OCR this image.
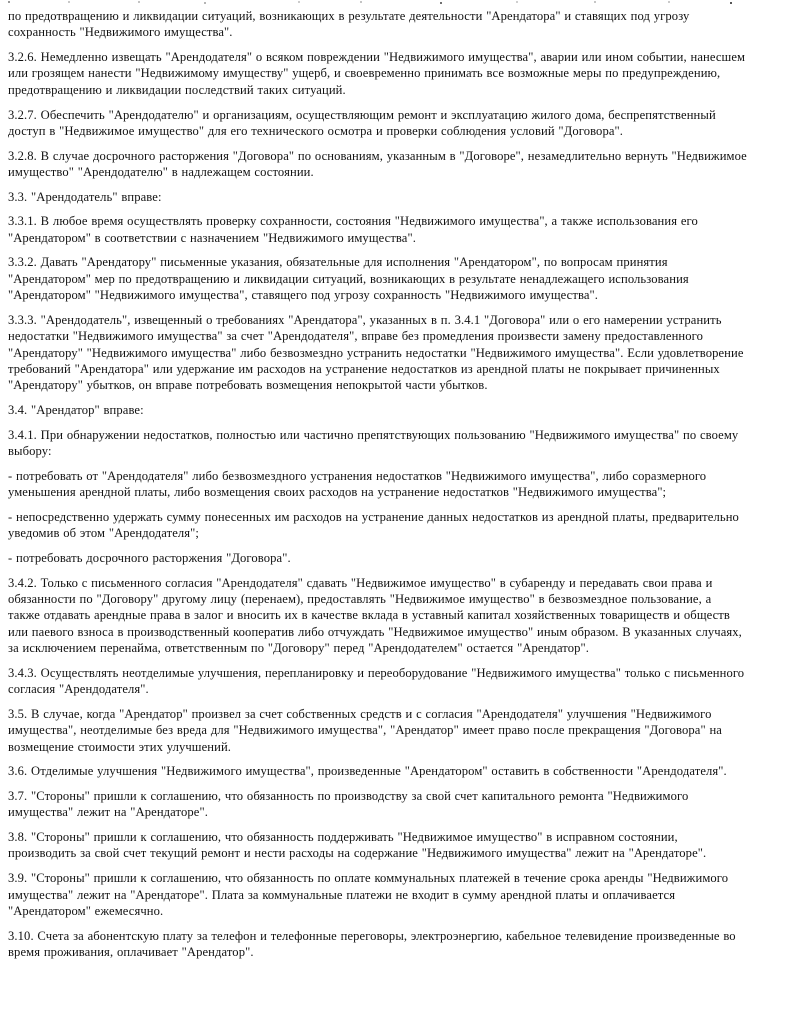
по предотвращению и ликвидации ситуаций, возникающих в результате деятельности "Арендатора" и ставящих под угрозу сохранность "Недвижимого имущества".

3.2.6. Немедленно извещать "Арендодателя" о всяком повреждении "Недвижимого имущества", аварии или ином событии, нанесшем или грозящем нанести "Недвижимому имуществу" ущерб, и своевременно принимать все возможные меры по предупреждению, предотвращению и ликвидации последствий таких ситуаций.

3.2.7. Обеспечить "Арендодателю" и организациям, осуществляющим ремонт и эксплуатацию жилого дома, беспрепятственный доступ в "Недвижимое имущество" для его технического осмотра и проверки соблюдения условий "Договора".

3.2.8. В случае досрочного расторжения "Договора" по основаниям, указанным в "Договоре", незамедлительно вернуть "Недвижимое имущество" "Арендодателю" в надлежащем состоянии.

3.3. "Арендодатель" вправе:

3.3.1. В любое время осуществлять проверку сохранности, состояния "Недвижимого имущества", а также использования его "Арендатором" в соответствии с назначением "Недвижимого имущества".

3.3.2. Давать "Арендатору" письменные указания, обязательные для исполнения "Арендатором", по вопросам принятия "Арендатором" мер по предотвращению и ликвидации ситуаций, возникающих в результате ненадлежащего использования "Арендатором" "Недвижимого имущества", ставящего под угрозу сохранность "Недвижимого имущества".

3.3.3. "Арендодатель", извещенный о требованиях "Арендатора", указанных в п. 3.4.1 "Договора" или о его намерении устранить недостатки "Недвижимого имущества" за счет "Арендодателя", вправе без промедления произвести замену предоставленного "Арендатору" "Недвижимого имущества" либо безвозмездно устранить недостатки "Недвижимого имущества". Если удовлетворение требований "Арендатора" или удержание им расходов на устранение недостатков из арендной платы не покрывает причиненных "Арендатору" убытков, он вправе потребовать возмещения непокрытой части убытков.

3.4. "Арендатор" вправе:

3.4.1. При обнаружении недостатков, полностью или частично препятствующих пользованию "Недвижимого имущества" по своему выбору:

- потребовать от "Арендодателя" либо безвозмездного устранения недостатков "Недвижимого имущества", либо соразмерного уменьшения арендной платы, либо возмещения своих расходов на устранение недостатков "Недвижимого имущества";

- непосредственно удержать сумму понесенных им расходов на устранение данных недостатков из арендной платы, предварительно уведомив об этом "Арендодателя";

- потребовать досрочного расторжения "Договора".

3.4.2. Только с письменного согласия "Арендодателя" сдавать "Недвижимое имущество" в субаренду и передавать свои права и обязанности по "Договору" другому лицу (перенаем), предоставлять "Недвижимое имущество" в безвозмездное пользование, а также отдавать арендные права в залог и вносить их в качестве вклада в уставный капитал хозяйственных товариществ и обществ или паевого взноса в производственный кооператив либо отчуждать "Недвижимое имущество" иным образом. В указанных случаях, за исключением перенайма, ответственным по "Договору" перед "Арендодателем" остается "Арендатор".

3.4.3. Осуществлять неотделимые улучшения, перепланировку и переоборудование "Недвижимого имущества" только с письменного согласия "Арендодателя".

3.5. В случае, когда "Арендатор" произвел за счет собственных средств и с согласия "Арендодателя" улучшения "Недвижимого имущества", неотделимые без вреда для "Недвижимого имущества", "Арендатор" имеет право после прекращения "Договора" на возмещение стоимости этих улучшений.

3.6. Отделимые улучшения "Недвижимого имущества", произведенные "Арендатором" оставить в собственности "Арендодателя".

3.7. "Стороны" пришли к соглашению, что обязанность по производству за свой счет капитального ремонта "Недвижимого имущества" лежит на "Арендаторе".

3.8. "Стороны" пришли к соглашению, что обязанность поддерживать "Недвижимое имущество" в исправном состоянии, производить за свой счет текущий ремонт и нести расходы на содержание "Недвижимого имущества" лежит на "Арендаторе".

3.9. "Стороны" пришли к соглашению, что обязанность по оплате коммунальных платежей в течение срока аренды "Недвижимого имущества" лежит на "Арендаторе". Плата за коммунальные платежи не входит в сумму арендной платы и оплачивается "Арендатором" ежемесячно.

3.10. Счета за абонентскую плату за телефон и телефонные переговоры, электроэнергию, кабельное телевидение произведенные во время проживания, оплачивает "Арендатор".
